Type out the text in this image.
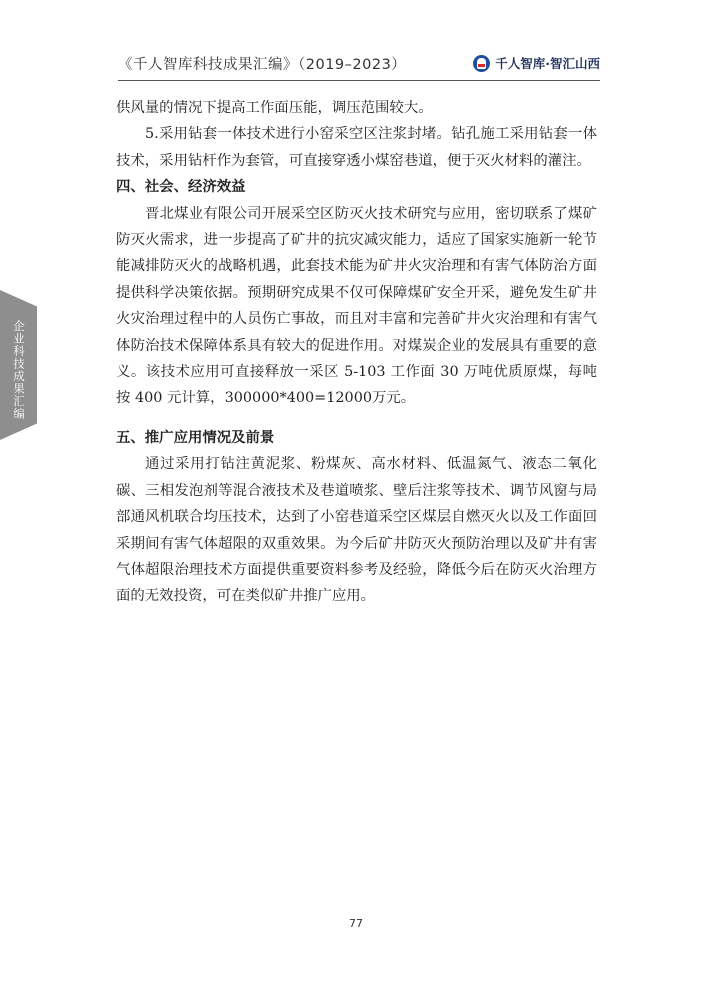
《千人智库科技成果汇编》（2019–2023）	千人智库·智汇山西
企业科技成果汇编

供风量的情况下提高工作面压能，调压范围较大。

5.采用钻套一体技术进行小窑采空区注浆封堵。钻孔施工采用钻套一体技术，采用钻杆作为套管，可直接穿透小煤窑巷道，便于灭火材料的灌注。

四、社会、经济效益

晋北煤业有限公司开展采空区防灭火技术研究与应用，密切联系了煤矿防灭火需求，进一步提高了矿井的抗灾减灾能力，适应了国家实施新一轮节能减排防灭火的战略机遇，此套技术能为矿井火灾治理和有害气体防治方面提供科学决策依据。预期研究成果不仅可保障煤矿安全开采，避免发生矿井火灾治理过程中的人员伤亡事故，而且对丰富和完善矿井火灾治理和有害气体防治技术保障体系具有较大的促进作用。对煤炭企业的发展具有重要的意义。该技术应用可直接释放一采区 5-103 工作面 30 万吨优质原煤，每吨按 400 元计算，300000*400=12000万元。

五、推广应用情况及前景

通过采用打钻注黄泥浆、粉煤灰、高水材料、低温氮气、液态二氧化碳、三相发泡剂等混合液技术及巷道喷浆、壁后注浆等技术、调节风窗与局部通风机联合均压技术，达到了小窑巷道采空区煤层自燃灭火以及工作面回采期间有害气体超限的双重效果。为今后矿井防灭火预防治理以及矿井有害气体超限治理技术方面提供重要资料参考及经验，降低今后在防灭火治理方面的无效投资，可在类似矿井推广应用。

77
